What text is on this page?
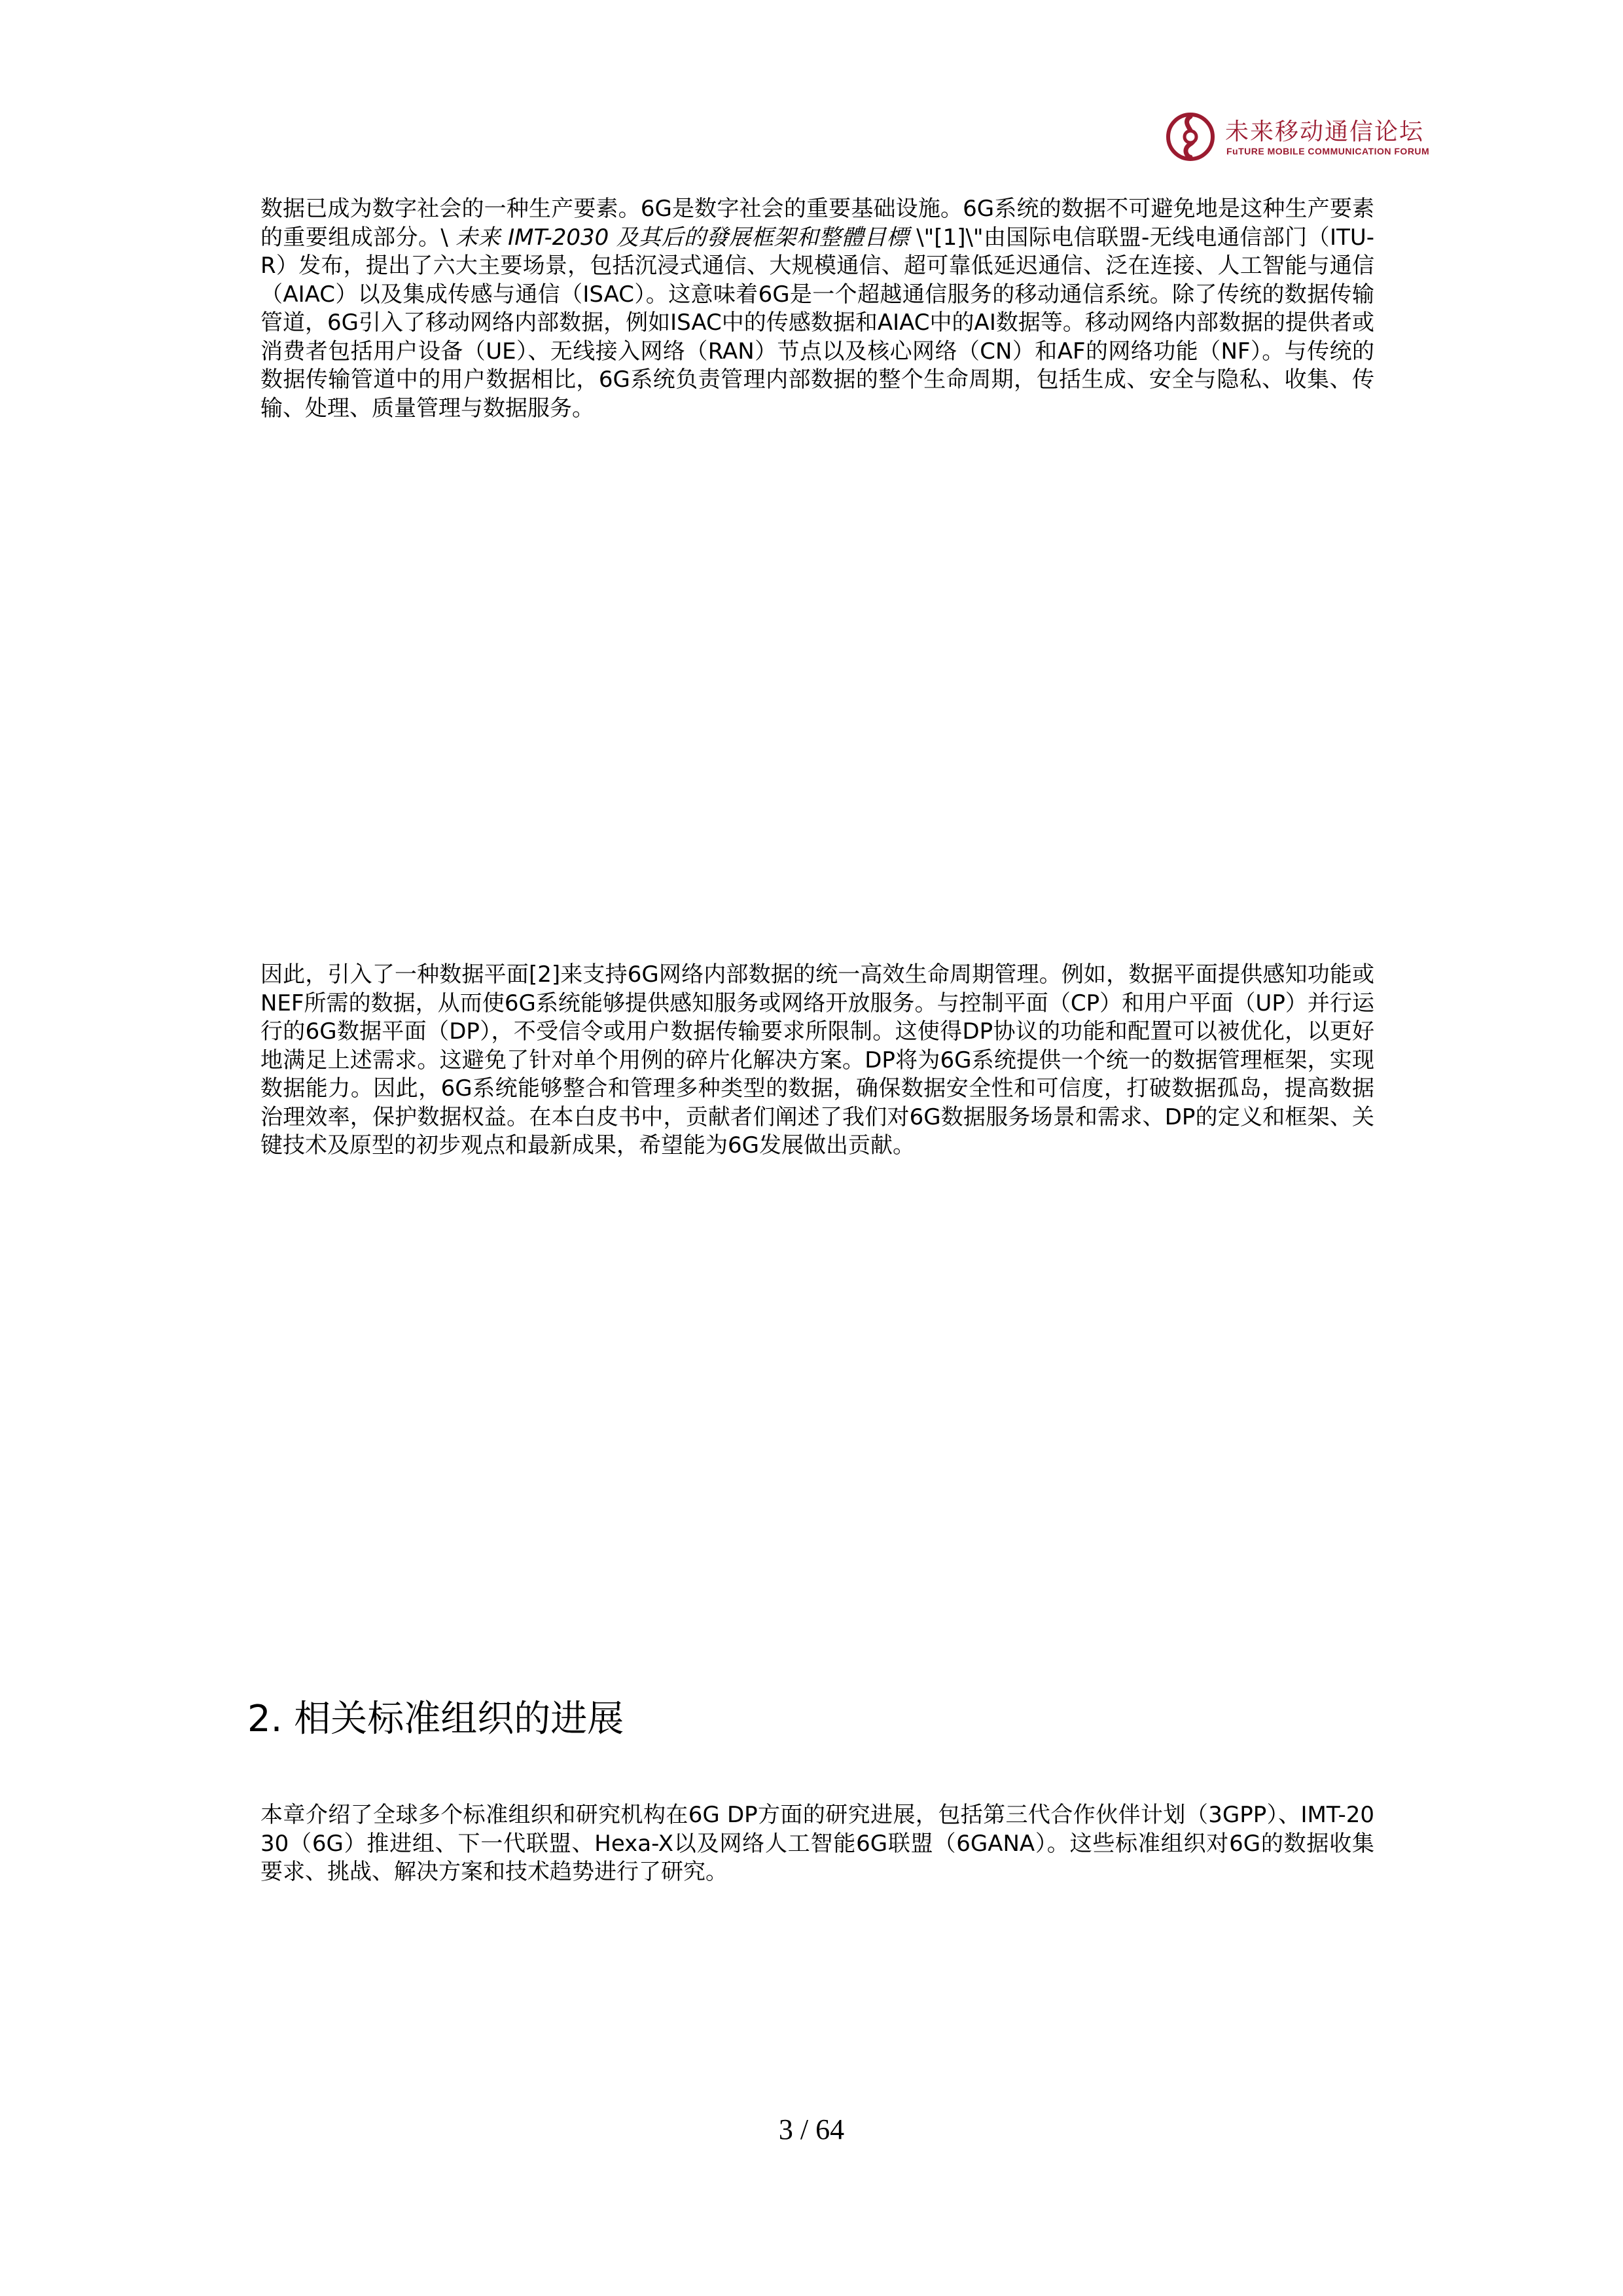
未来移动通信论坛
FuTURE MOBILE COMMUNICATION FORUM

数据已成为数字社会的一种生产要素。6G是数字社会的重要基础设施。6G系统的数据不可避免地是这种生产要素的重要组成部分。\ 未来 IMT-2030 及其后的發展框架和整體目標 \"[1]\"由国际电信联盟-无线电通信部门（ITU-R）发布，提出了六大主要场景，包括沉浸式通信、大规模通信、超可靠低延迟通信、泛在连接、人工智能与通信（AIAC）以及集成传感与通信（ISAC）。这意味着6G是一个超越通信服务的移动通信系统。除了传统的数据传输管道，6G引入了移动网络内部数据，例如ISAC中的传感数据和AIAC中的AI数据等。移动网络内部数据的提供者或消费者包括用户设备（UE）、无线接入网络（RAN）节点以及核心网络（CN）和AF的网络功能（NF）。与传统的数据传输管道中的用户数据相比，6G系统负责管理内部数据的整个生命周期，包括生成、安全与隐私、收集、传输、处理、质量管理与数据服务。

因此，引入了一种数据平面[2]来支持6G网络内部数据的统一高效生命周期管理。例如，数据平面提供感知功能或NEF所需的数据，从而使6G系统能够提供感知服务或网络开放服务。与控制平面（CP）和用户平面（UP）并行运行的6G数据平面（DP），不受信令或用户数据传输要求所限制。这使得DP协议的功能和配置可以被优化，以更好地满足上述需求。这避免了针对单个用例的碎片化解决方案。DP将为6G系统提供一个统一的数据管理框架，实现数据能力。因此，6G系统能够整合和管理多种类型的数据，确保数据安全性和可信度，打破数据孤岛，提高数据治理效率，保护数据权益。在本白皮书中，贡献者们阐述了我们对6G数据服务场景和需求、DP的定义和框架、关键技术及原型的初步观点和最新成果，希望能为6G发展做出贡献。

2. 相关标准组织的进展

本章介绍了全球多个标准组织和研究机构在6G DP方面的研究进展，包括第三代合作伙伴计划（3GPP）、IMT-2030（6G）推进组、下一代联盟、Hexa-X以及网络人工智能6G联盟（6GANA）。这些标准组织对6G的数据收集要求、挑战、解决方案和技术趋势进行了研究。

3 / 64
